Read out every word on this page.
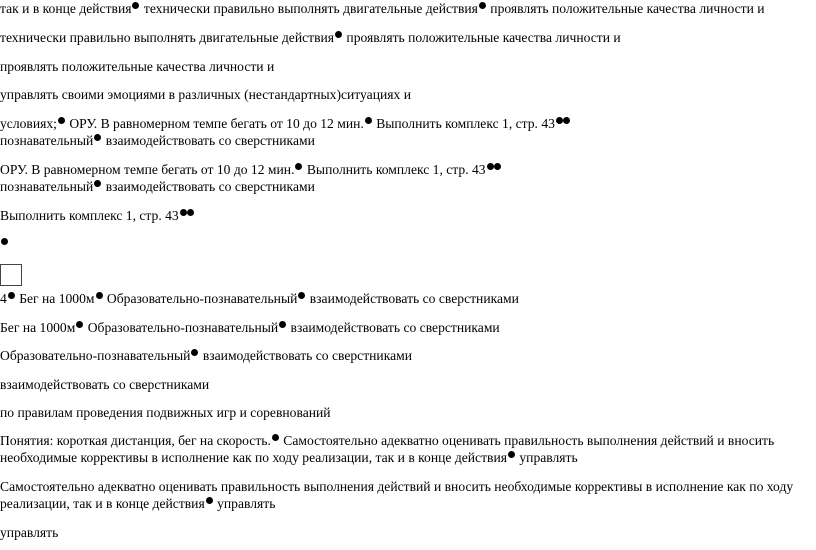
так и в конце действия технически правильно выполнять двигательные действия проявлять положительные качества личности и
технически правильно выполнять двигательные действия проявлять положительные качества личности и
проявлять положительные качества личности и
управлять своими эмоциями в различных (нестандартных)ситуациях и
условиях; ОРУ. В равномерном темпе бегать от 10 до 12 мин. Выполнить комплекс 1, стр. 43
познавательный взаимодействовать со сверстниками
ОРУ. В равномерном темпе бегать от 10 до 12 мин. Выполнить комплекс 1, стр. 43
познавательный взаимодействовать со сверстниками
Выполнить комплекс 1, стр. 43
4 Бег на 1000м Образовательно-познавательный взаимодействовать со сверстниками
Бег на 1000м Образовательно-познавательный взаимодействовать со сверстниками
Образовательно-познавательный взаимодействовать со сверстниками
взаимодействовать со сверстниками
по правилам проведения подвижных игр и соревнований
Понятия: короткая дистанция, бег на скорость. Самостоятельно адекватно оценивать правильность выполнения действий и вносить
необходимые коррективы в исполнение как по ходу реализации, так и в конце действия управлять
Самостоятельно адекватно оценивать правильность выполнения действий и вносить необходимые коррективы в исполнение как по ходу
реализации, так и в конце действия управлять
управлять
